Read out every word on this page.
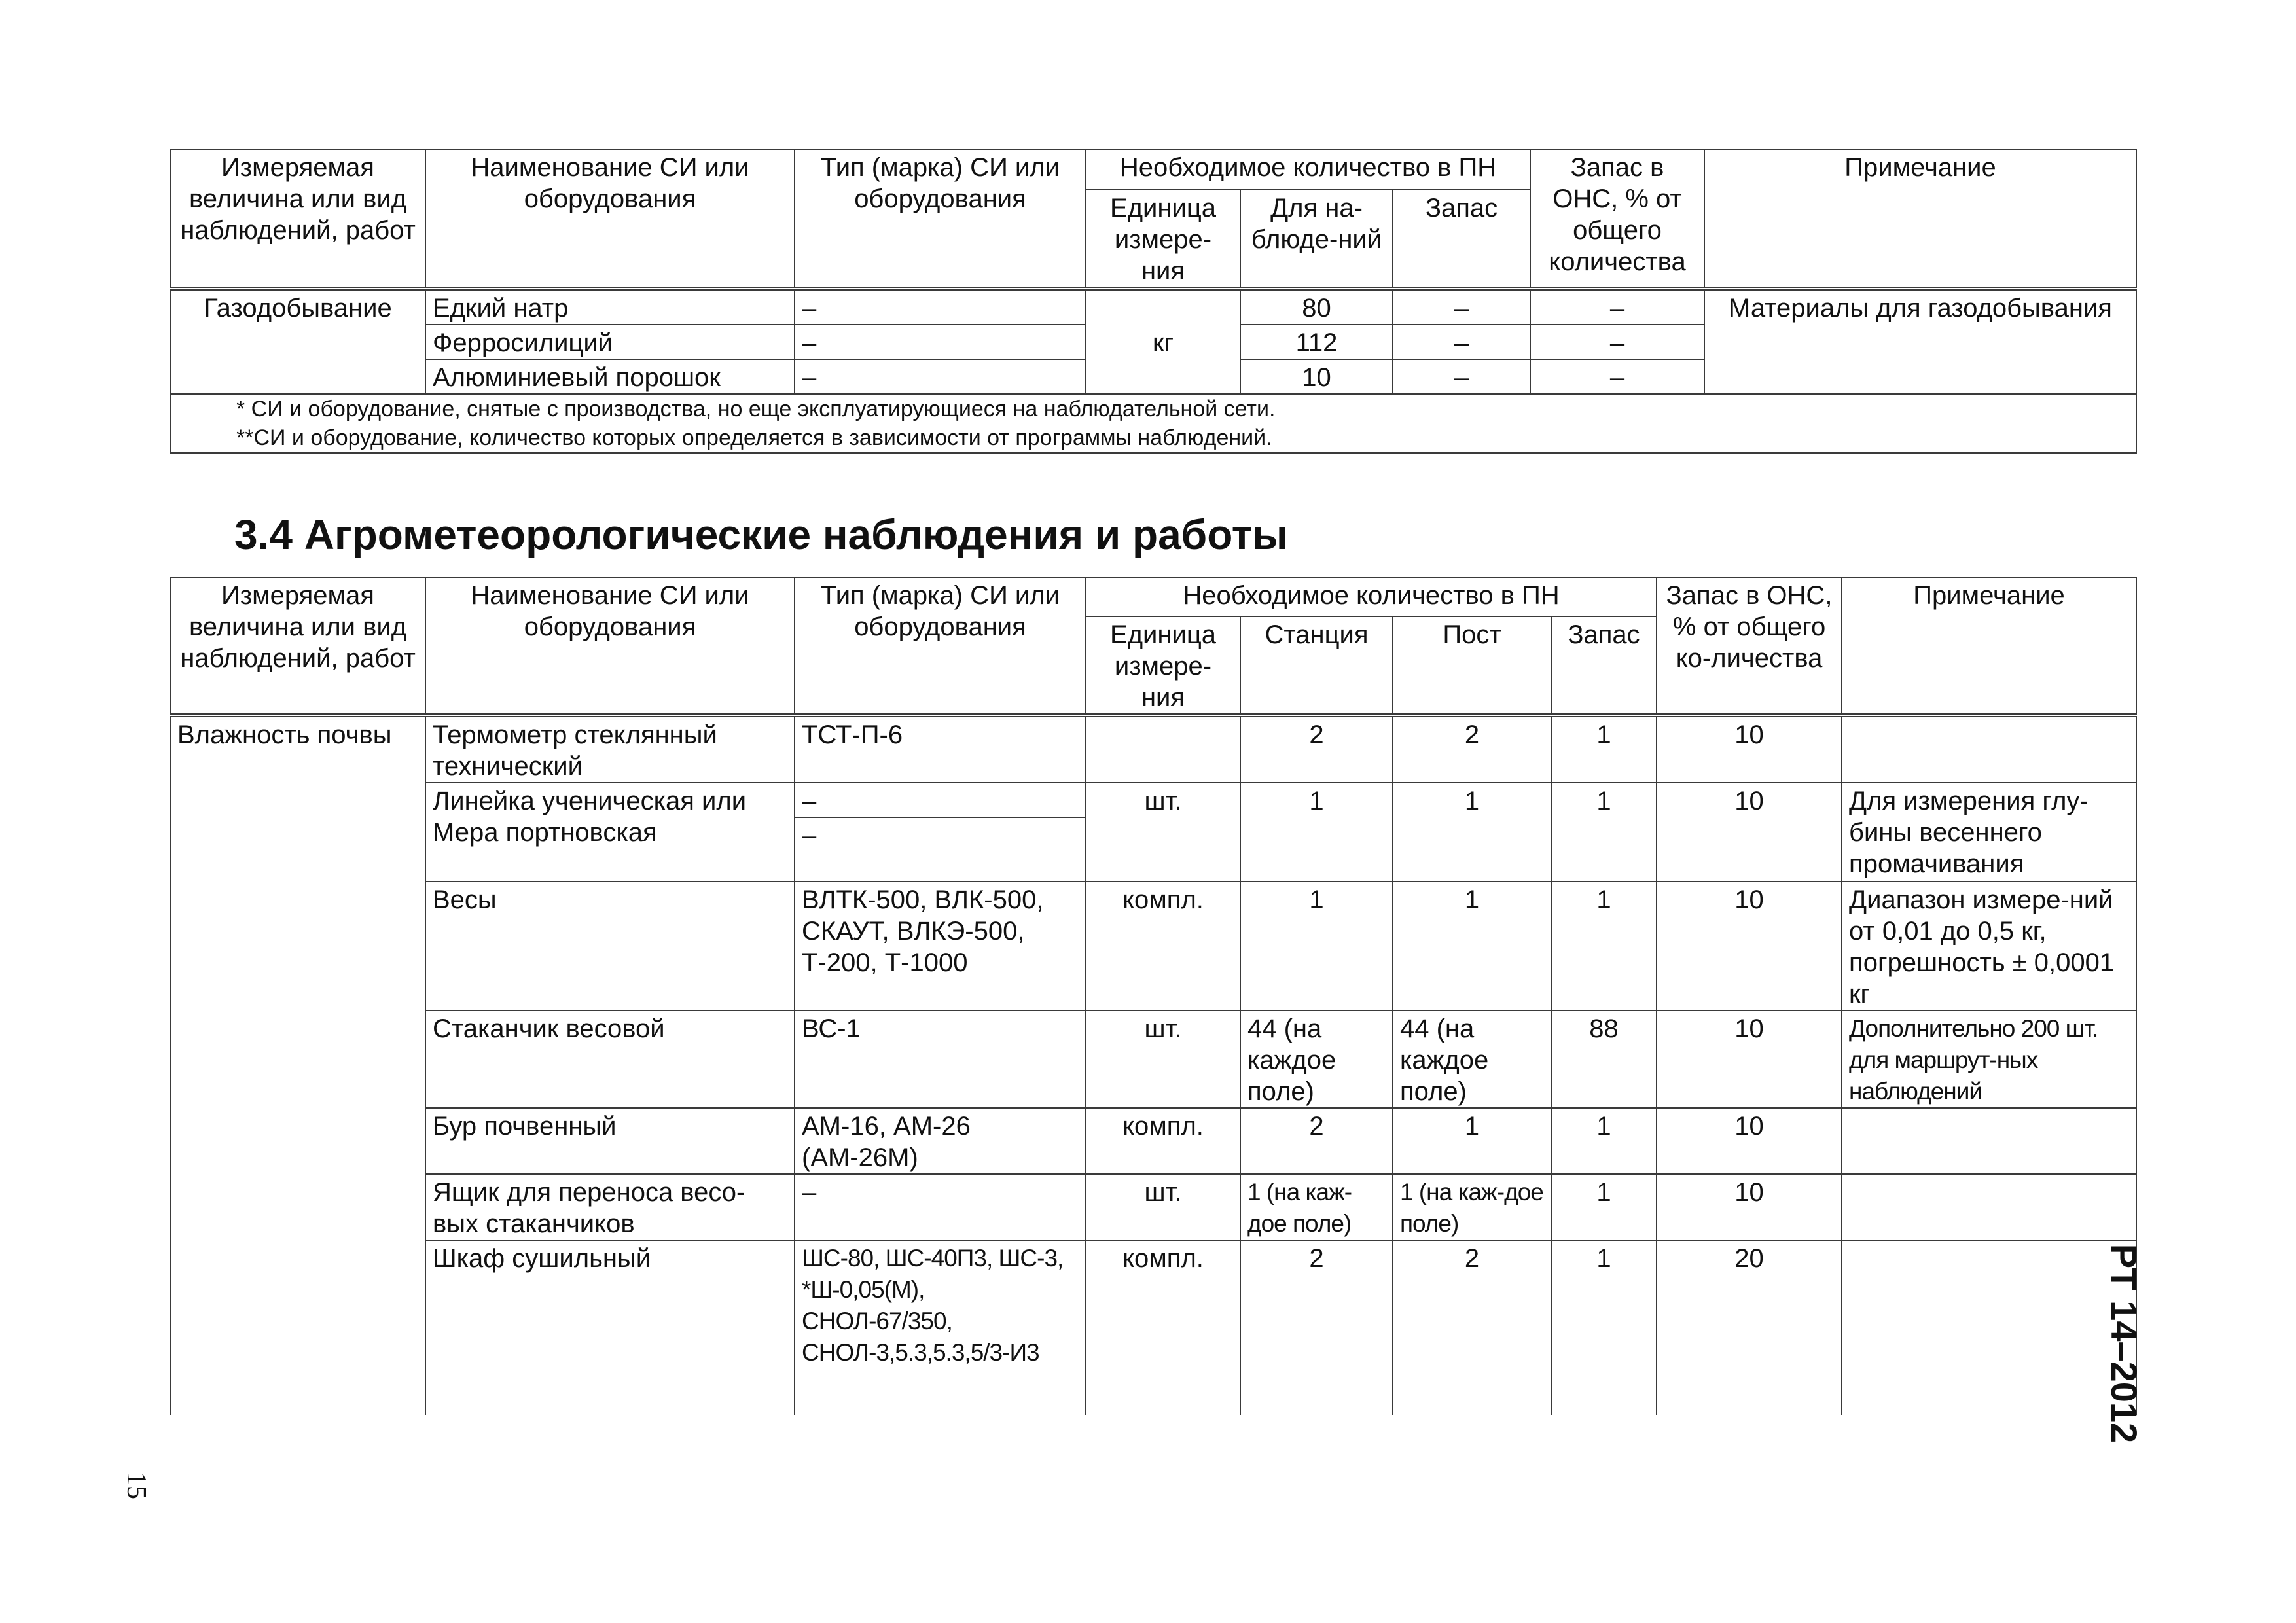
Измеряемая величина или вид наблюдений, работ	Наименование СИ или оборудования	Тип (марка) СИ или оборудования	Необходимое количество в ПН			Запас в ОНС, % от общего количества	Примечание
			Единица измере-ния	Для на-блюде-ний	Запас		
Газодобывание	Едкий натр	–	кг	80	–	–	Материалы для газодобывания
	Ферросилиций	–		112	–	–	
	Алюминиевый порошок	–		10	–	–	

* СИ и оборудование, снятые с производства, но еще эксплуатирующиеся на наблюдательной сети.
**СИ и оборудование, количество которых определяется в зависимости от программы наблюдений.							
3.4 Агрометеорологические наблюдения и работы
Измеряемая величина или вид наблюдений, работ	Наименование СИ или оборудования	Тип (марка) СИ или оборудования	Необходимое количество в ПН				Запас в ОНС, % от общего ко-личества	Примечание
			Единица измере-ния	Станция	Пост	Запас		
Влажность почвы	Термометр стеклянный технический	ТСТ-П-6		2	2	1	10	
	Линейка ученическая или Мера портновская	–	шт.	1	1	1	10	Для измерения глу-бины весеннего промачивания
		–						
	Весы	ВЛТК-500, ВЛК-500, СКАУТ, ВЛКЭ-500, Т-200, Т-1000	компл.	1	1	1	10	Диапазон измере-ний от 0,01 до 0,5 кг, погрешность ± 0,0001 кг
	Стаканчик весовой	ВС-1	шт.	44 (на каждое поле)	44 (на каждое поле)	88	10	Дополнительно 200 шт. для маршрут-ных наблюдений
	Бур почвенный	АМ-16, АМ-26 (АМ-26М)	компл.	2	1	1	10	
	Ящик для переноса весо-вых стаканчиков	–	шт.	1 (на каж-дое поле)	1 (на каж-дое поле)	1	10	
	Шкаф сушильный	ШС-80, ШС-40П3, ШС-3, *Ш-0,05(М), СНОЛ-67/350, СНОЛ-3,5.3,5.3,5/3-И3	компл.	2	2	1	20	

15
РТ 14–2012
